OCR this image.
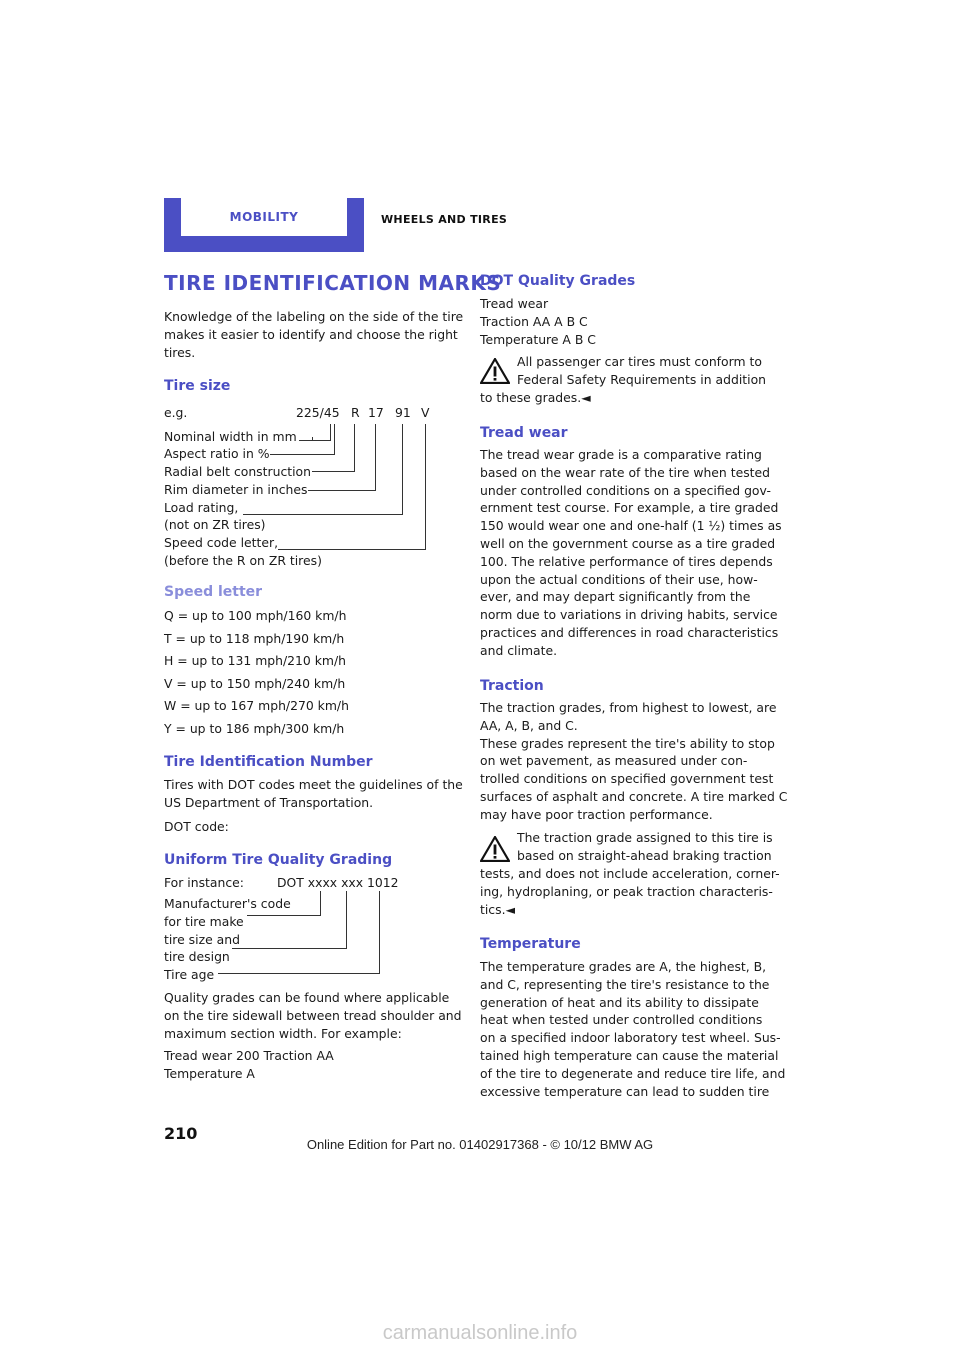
MOBILITY	WHEELS AND TIRES
TIRE IDENTIFICATION MARKS
Knowledge of the labeling on the side of the tire
makes it easier to identify and choose the right
tires.
Tire size
e.g.	225/45 R 17 91 V
Nominal width in mm
Aspect ratio in %
Radial belt construction
Rim diameter in inches
Load rating,
(not on ZR tires)
Speed code letter,
(before the R on ZR tires)
Speed letter
Q = up to 100 mph/160 km/h
T = up to 118 mph/190 km/h
H = up to 131 mph/210 km/h
V = up to 150 mph/240 km/h
W = up to 167 mph/270 km/h
Y = up to 186 mph/300 km/h
Tire Identification Number
Tires with DOT codes meet the guidelines of the
US Department of Transportation.
DOT code:
Uniform Tire Quality Grading
For instance:	DOT xxxx xxx 1012
Manufacturer's code
for tire make
tire size and
tire design
Tire age
Quality grades can be found where applicable
on the tire sidewall between tread shoulder and
maximum section width. For example:
Tread wear 200 Traction AA
Temperature A
DOT Quality Grades
Tread wear
Traction AA A B C
Temperature A B C
All passenger car tires must conform to
Federal Safety Requirements in addition
to these grades.◄
Tread wear
The tread wear grade is a comparative rating
based on the wear rate of the tire when tested
under controlled conditions on a specified gov-
ernment test course. For example, a tire graded
150 would wear one and one-half (1 ½) times as
well on the government course as a tire graded
100. The relative performance of tires depends
upon the actual conditions of their use, how-
ever, and may depart significantly from the
norm due to variations in driving habits, service
practices and differences in road characteristics
and climate.
Traction
The traction grades, from highest to lowest, are
AA, A, B, and C.
These grades represent the tire's ability to stop
on wet pavement, as measured under con-
trolled conditions on specified government test
surfaces of asphalt and concrete. A tire marked C
may have poor traction performance.
The traction grade assigned to this tire is
based on straight-ahead braking traction
tests, and does not include acceleration, corner-
ing, hydroplaning, or peak traction characteris-
tics.◄
Temperature
The temperature grades are A, the highest, B,
and C, representing the tire's resistance to the
generation of heat and its ability to dissipate
heat when tested under controlled conditions
on a specified indoor laboratory test wheel. Sus-
tained high temperature can cause the material
of the tire to degenerate and reduce tire life, and
excessive temperature can lead to sudden tire
210
Online Edition for Part no. 01402917368 - © 10/12 BMW AG
carmanualsonline.info
